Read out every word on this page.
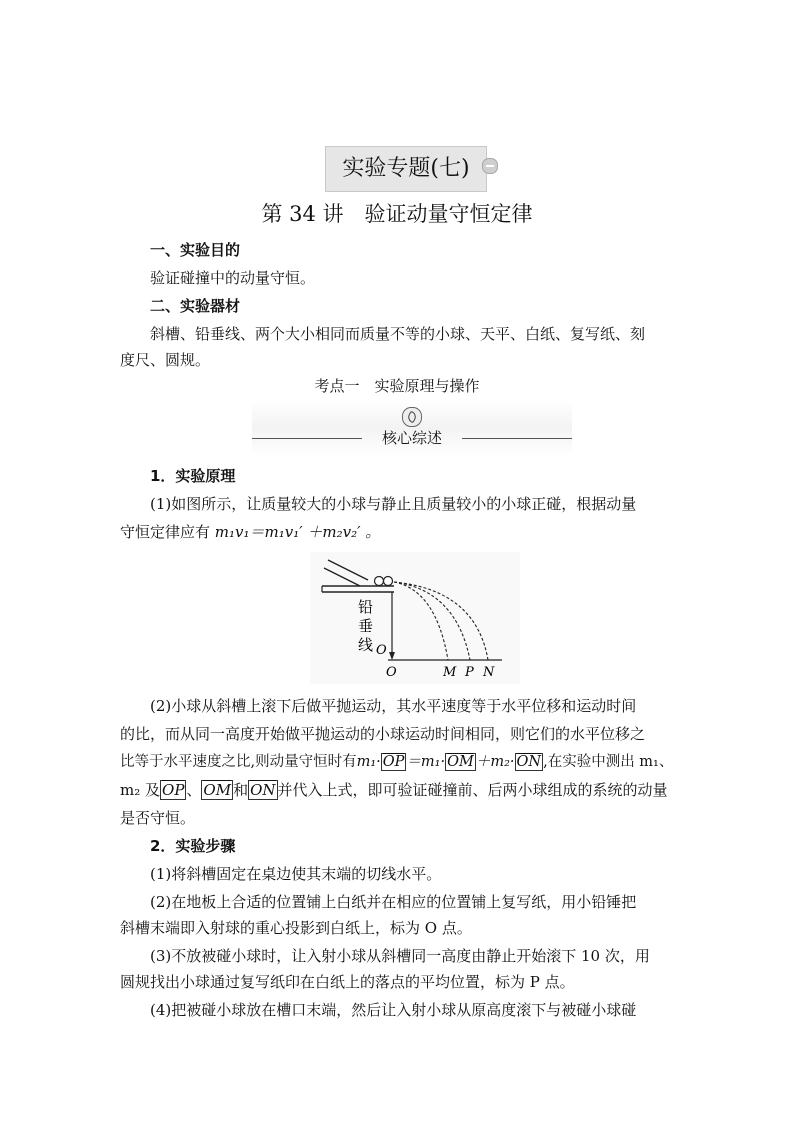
实验专题(七)
第 34 讲　验证动量守恒定律
一、实验目的
验证碰撞中的动量守恒。
二、实验器材
斜槽、铅垂线、两个大小相同而质量不等的小球、天平、白纸、复写纸、刻
度尺、圆规。
考点一　实验原理与操作
核心综述
1．实验原理
(1)如图所示，让质量较大的小球与静止且质量较小的小球正碰，根据动量
守恒定律应有 m₁v₁＝m₁v₁′ ＋m₂v₂′ 。
铅
垂
线 O
O	M P N
(2)小球从斜槽上滚下后做平抛运动，其水平速度等于水平位移和运动时间
的比，而从同一高度开始做平抛运动的小球运动时间相同，则它们的水平位移之
比等于水平速度之比,则动量守恒时有$m_1\cdot \overline{OP} =m_1\cdot \overline{OM} +m_2\cdot \overline{ON}$ ,在实验中测出 m₁、
m₂ 及 $\overline{OP}$ 、 $\overline{OM}$ 和 $\overline{ON}$ 并代入上式，即可验证碰撞前、后两小球组成的系统的动量
是否守恒。
2．实验步骤
(1)将斜槽固定在桌边使其末端的切线水平。
(2)在地板上合适的位置铺上白纸并在相应的位置铺上复写纸，用小铅锤把
斜槽末端即入射球的重心投影到白纸上，标为 O 点。
(3)不放被碰小球时，让入射小球从斜槽同一高度由静止开始滚下 10 次，用
圆规找出小球通过复写纸印在白纸上的落点的平均位置，标为 P 点。
(4)把被碰小球放在槽口末端，然后让入射小球从原高度滚下与被碰小球碰
